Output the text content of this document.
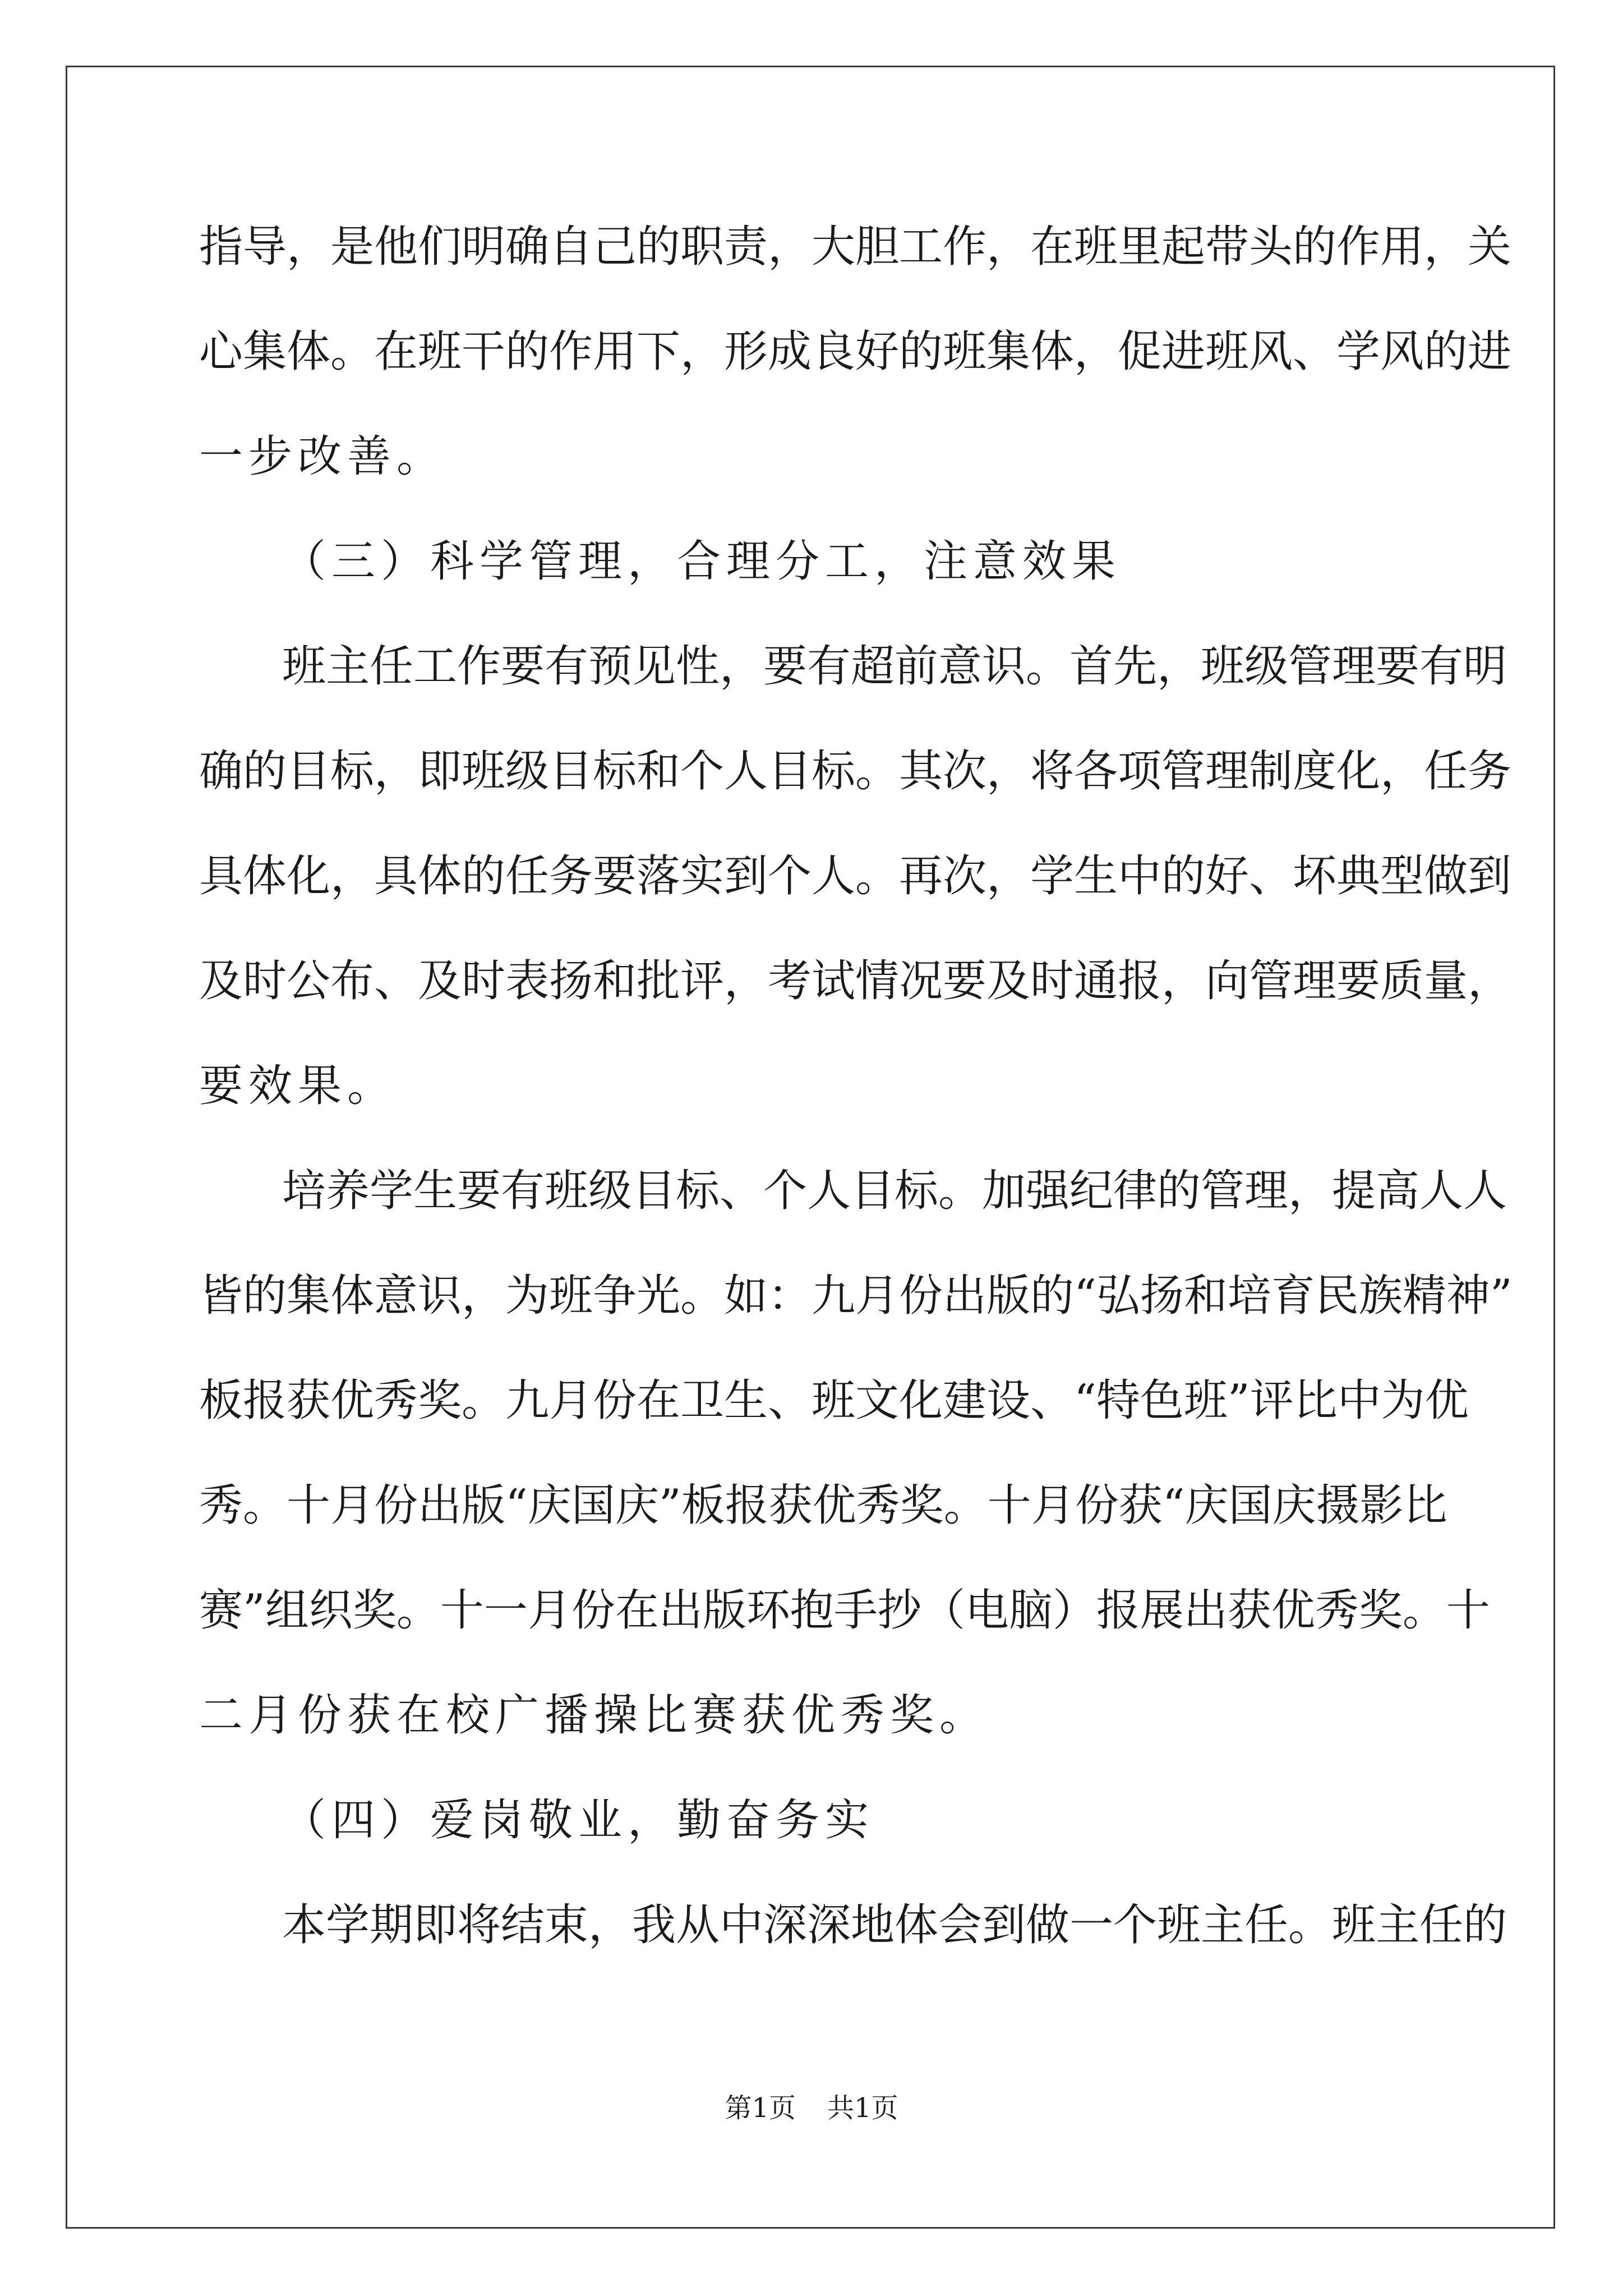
指导，是他们明确自己的职责，大胆工作，在班里起带头的作用，关

心集体。在班干的作用下，形成良好的班集体，促进班风、学风的进

一步改善。

（三）科学管理，合理分工，注意效果

班主任工作要有预见性，要有超前意识。首先，班级管理要有明

确的目标，即班级目标和个人目标。其次，将各项管理制度化，任务

具体化，具体的任务要落实到个人。再次，学生中的好、坏典型做到

及时公布、及时表扬和批评，考试情况要及时通报，向管理要质量，

要效果。

培养学生要有班级目标、个人目标。加强纪律的管理，提高人人

皆的集体意识，为班争光。如：九月份出版的“弘扬和培育民族精神”

板报获优秀奖。九月份在卫生、班文化建设、“特色班”评比中为优

秀。十月份出版“庆国庆”板报获优秀奖。十月份获“庆国庆摄影比

赛”组织奖。十一月份在出版环抱手抄（电脑）报展出获优秀奖。十

二月份获在校广播操比赛获优秀奖。

（四）爱岗敬业，勤奋务实

本学期即将结束，我从中深深地体会到做一个班主任。班主任的

第1页 共1页
